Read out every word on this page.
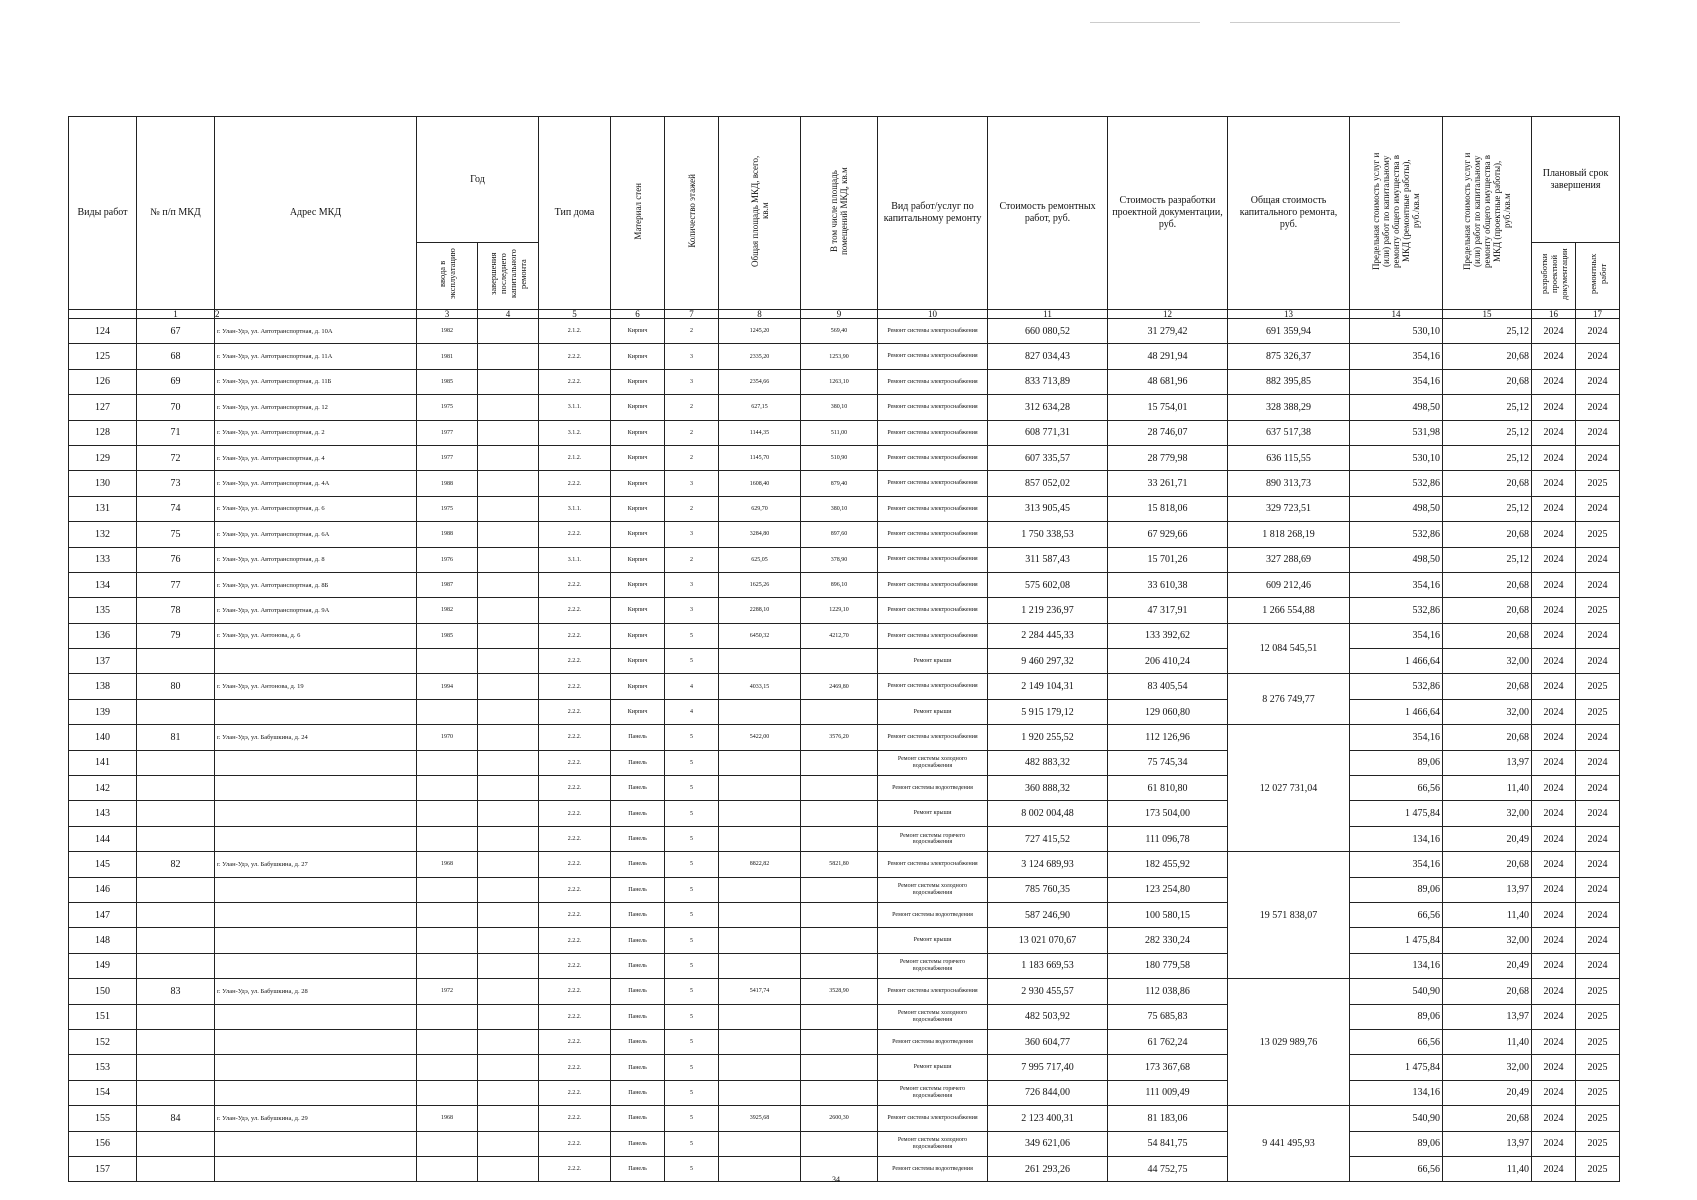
Виды работ	№ п/п МКД	Адрес МКД	Год		Тип дома	Материал стен	Количество этажей	Общая площадь МКД, всего, кв.м	В том числе площадь помещений МКД, кв.м	Вид работ/услуг по капитальному ремонту	Стоимость ремонтных работ, руб.	Стоимость разработки проектной документации, руб.	Общая стоимость капитального ремонта, руб.	Предельная стоимость услуг и (или) работ по капитальному ремонту общего имущества в МКД (ремонтные работы), руб./кв.м	Предельная стоимость услуг и (или) работ по капитальному ремонту общего имущества в МКД (проектные работы), руб./кв.м	Плановый срок завершения	
			ввода в эксплуатацию	завершения последнего капитального ремонта												разработки проектной документации	ремонтных работ
	1	2	3	4	5	6	7	8	9	10	11	12	13	14	15	16	17
124	67	г. Улан-Удэ, ул. Автотранспортная, д. 10А	1982		2.1.2.	Кирпич	2	1245,20	569,40	Ремонт системы электроснабжения	660 080,52	31 279,42	691 359,94	530,10	25,12	2024	2024
125	68	г. Улан-Удэ, ул. Автотранспортная, д. 11А	1981		2.2.2.	Кирпич	3	2335,20	1253,90	Ремонт системы электроснабжения	827 034,43	48 291,94	875 326,37	354,16	20,68	2024	2024
126	69	г. Улан-Удэ, ул. Автотранспортная, д. 11Б	1985		2.2.2.	Кирпич	3	2354,66	1263,10	Ремонт системы электроснабжения	833 713,89	48 681,96	882 395,85	354,16	20,68	2024	2024
127	70	г. Улан-Удэ, ул. Автотранспортная, д. 12	1975		3.1.1.	Кирпич	2	627,15	380,10	Ремонт системы электроснабжения	312 634,28	15 754,01	328 388,29	498,50	25,12	2024	2024
128	71	г. Улан-Удэ, ул. Автотранспортная, д. 2	1977		3.1.2.	Кирпич	2	1144,35	511,00	Ремонт системы электроснабжения	608 771,31	28 746,07	637 517,38	531,98	25,12	2024	2024
129	72	г. Улан-Удэ, ул. Автотранспортная, д. 4	1977		2.1.2.	Кирпич	2	1145,70	510,90	Ремонт системы электроснабжения	607 335,57	28 779,98	636 115,55	530,10	25,12	2024	2024
130	73	г. Улан-Удэ, ул. Автотранспортная, д. 4А	1988		2.2.2.	Кирпич	3	1608,40	879,40	Ремонт системы электроснабжения	857 052,02	33 261,71	890 313,73	532,86	20,68	2024	2025
131	74	г. Улан-Удэ, ул. Автотранспортная, д. 6	1975		3.1.1.	Кирпич	2	629,70	380,10	Ремонт системы электроснабжения	313 905,45	15 818,06	329 723,51	498,50	25,12	2024	2024
132	75	г. Улан-Удэ, ул. Автотранспортная, д. 6А	1988		2.2.2.	Кирпич	3	3284,80	897,60	Ремонт системы электроснабжения	1 750 338,53	67 929,66	1 818 268,19	532,86	20,68	2024	2025
133	76	г. Улан-Удэ, ул. Автотранспортная, д. 8	1976		3.1.1.	Кирпич	2	625,05	378,90	Ремонт системы электроснабжения	311 587,43	15 701,26	327 288,69	498,50	25,12	2024	2024
134	77	г. Улан-Удэ, ул. Автотранспортная, д. 8Б	1987		2.2.2.	Кирпич	3	1625,26	896,10	Ремонт системы электроснабжения	575 602,08	33 610,38	609 212,46	354,16	20,68	2024	2024
135	78	г. Улан-Удэ, ул. Автотранспортная, д. 9А	1982		2.2.2.	Кирпич	3	2288,10	1229,10	Ремонт системы электроснабжения	1 219 236,97	47 317,91	1 266 554,88	532,86	20,68	2024	2025
136	79	г. Улан-Удэ, ул. Антонова, д. 6	1985		2.2.2.	Кирпич	5	6450,32	4212,70	Ремонт системы электроснабжения	2 284 445,33	133 392,62	12 084 545,51	354,16	20,68	2024	2024
137					2.2.2.	Кирпич	5			Ремонт крыши	9 460 297,32	206 410,24		1 466,64	32,00	2024	2024
138	80	г. Улан-Удэ, ул. Антонова, д. 19	1994		2.2.2.	Кирпич	4	4033,15	2469,80	Ремонт системы электроснабжения	2 149 104,31	83 405,54	8 276 749,77	532,86	20,68	2024	2025
139					2.2.2.	Кирпич	4			Ремонт крыши	5 915 179,12	129 060,80		1 466,64	32,00	2024	2025
140	81	г. Улан-Удэ, ул. Бабушкина, д. 24	1970		2.2.2.	Панель	5	5422,00	3576,20	Ремонт системы электроснабжения	1 920 255,52	112 126,96	12 027 731,04	354,16	20,68	2024	2024
141					2.2.2.	Панель	5			Ремонт системы холодного водоснабжения	482 883,32	75 745,34		89,06	13,97	2024	2024
142					2.2.2.	Панель	5			Ремонт системы водоотведения	360 888,32	61 810,80		66,56	11,40	2024	2024
143					2.2.2.	Панель	5			Ремонт крыши	8 002 004,48	173 504,00		1 475,84	32,00	2024	2024
144					2.2.2.	Панель	5			Ремонт системы горячего водоснабжения	727 415,52	111 096,78		134,16	20,49	2024	2024
145	82	г. Улан-Удэ, ул. Бабушкина, д. 27	1968		2.2.2.	Панель	5	8822,82	5821,80	Ремонт системы электроснабжения	3 124 689,93	182 455,92	19 571 838,07	354,16	20,68	2024	2024
146					2.2.2.	Панель	5			Ремонт системы холодного водоснабжения	785 760,35	123 254,80		89,06	13,97	2024	2024
147					2.2.2.	Панель	5			Ремонт системы водоотведения	587 246,90	100 580,15		66,56	11,40	2024	2024
148					2.2.2.	Панель	5			Ремонт крыши	13 021 070,67	282 330,24		1 475,84	32,00	2024	2024
149					2.2.2.	Панель	5			Ремонт системы горячего водоснабжения	1 183 669,53	180 779,58		134,16	20,49	2024	2024
150	83	г. Улан-Удэ, ул. Бабушкина, д. 28	1972		2.2.2.	Панель	5	5417,74	3528,90	Ремонт системы электроснабжения	2 930 455,57	112 038,86	13 029 989,76	540,90	20,68	2024	2025
151					2.2.2.	Панель	5			Ремонт системы холодного водоснабжения	482 503,92	75 685,83		89,06	13,97	2024	2025
152					2.2.2.	Панель	5			Ремонт системы водоотведения	360 604,77	61 762,24		66,56	11,40	2024	2025
153					2.2.2.	Панель	5			Ремонт крыши	7 995 717,40	173 367,68		1 475,84	32,00	2024	2025
154					2.2.2.	Панель	5			Ремонт системы горячего водоснабжения	726 844,00	111 009,49		134,16	20,49	2024	2025
155	84	г. Улан-Удэ, ул. Бабушкина, д. 29	1968		2.2.2.	Панель	5	3925,68	2600,30	Ремонт системы электроснабжения	2 123 400,31	81 183,06	9 441 495,93	540,90	20,68	2024	2025
156					2.2.2.	Панель	5			Ремонт системы холодного водоснабжения	349 621,06	54 841,75		89,06	13,97	2024	2025
157					2.2.2.	Панель	5			Ремонт системы водоотведения	261 293,26	44 752,75		66,56	11,40	2024	2025
34
